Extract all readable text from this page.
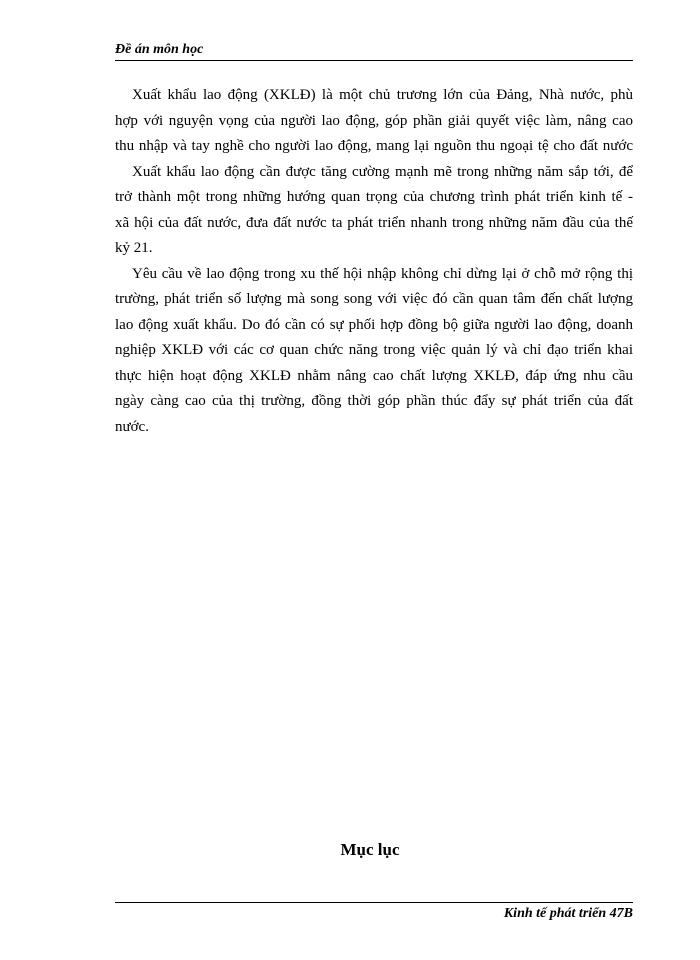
Đề án môn học
Xuất khẩu lao động (XKLĐ) là một chủ trương lớn của Đảng, Nhà nước, phù
hợp với nguyện vọng của người lao động, góp phần giải quyết việc làm, nâng cao
thu nhập và tay nghề cho người lao động, mang lại nguồn thu ngoại tệ cho đất nước
Xuất khẩu lao động cần được tăng cường mạnh mẽ trong những năm sắp tới, để
trở thành một trong những hướng quan trọng của chương trình phát triển kinh tế -
xã hội của đất nước, đưa đất nước ta phát triển nhanh trong những năm đầu của thế
kỷ 21.
Yêu cầu về lao động trong xu thế hội nhập không chỉ dừng lại ở chỗ mở rộng thị
trường, phát triển số lượng mà song song với việc đó cần quan tâm đến chất lượng
lao động xuất khẩu. Do đó cần có sự phối hợp đồng bộ giữa người lao động, doanh
nghiệp XKLĐ với các cơ quan chức năng trong việc quản lý và chỉ đạo triển khai
thực hiện hoạt động XKLĐ nhằm nâng cao chất lượng XKLĐ, đáp ứng nhu cầu
ngày càng cao của thị trường, đồng thời góp phần thúc đẩy sự phát triển của đất
nước.
Mục lục
Kinh tế phát triển 47B
